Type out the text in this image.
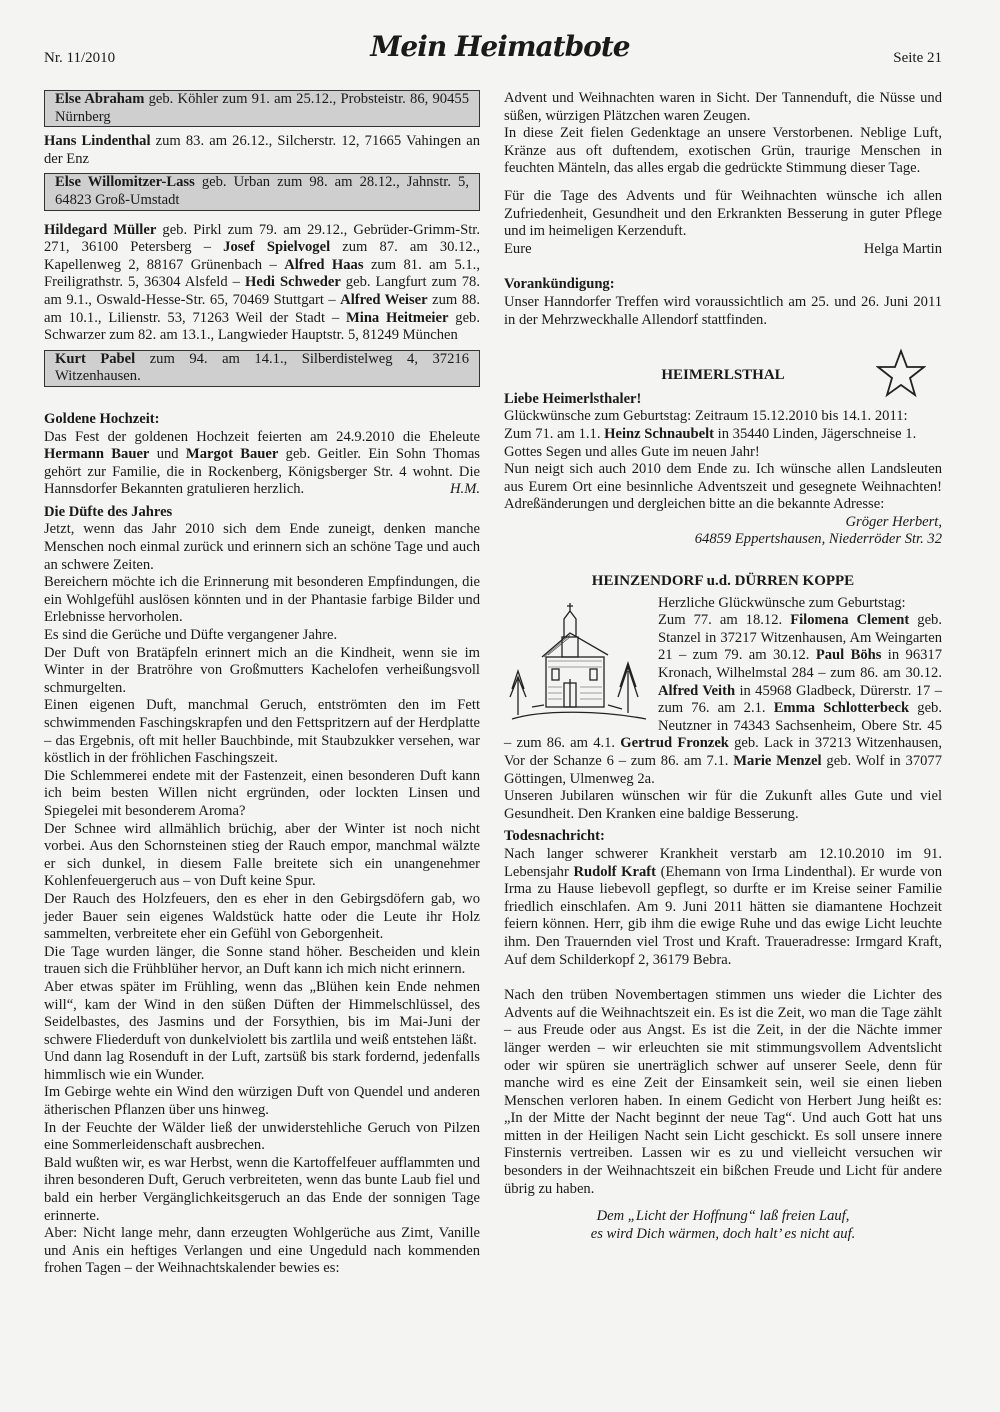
Nr. 11/2010	Mein Heimatbote	Seite 21

Else Abraham geb. Köhler zum 91. am 25.12., Probsteistr. 86, 90455 Nürnberg

Hans Lindenthal zum 83. am 26.12., Silcherstr. 12, 71665 Vahingen an der Enz

Else Willomitzer-Lass geb. Urban zum 98. am 28.12., Jahnstr. 5, 64823 Groß-Umstadt

Hildegard Müller geb. Pirkl zum 79. am 29.12., Gebrüder-Grimm-Str. 271, 36100 Petersberg – Josef Spielvogel zum 87. am 30.12., Kapellenweg 2, 88167 Grünenbach – Alfred Haas zum 81. am 5.1., Freiligrathstr. 5, 36304 Alsfeld – Hedi Schweder geb. Langfurt zum 78. am 9.1., Oswald-Hesse-Str. 65, 70469 Stuttgart – Alfred Weiser zum 88. am 10.1., Lilienstr. 53, 71263 Weil der Stadt – Mina Heitmeier geb. Schwarzer zum 82. am 13.1., Langwieder Hauptstr. 5, 81249 München

Kurt Pabel zum 94. am 14.1., Silberdistelweg 4, 37216 Witzenhausen.

Goldene Hochzeit:

Das Fest der goldenen Hochzeit feierten am 24.9.2010 die Eheleute Hermann Bauer und Margot Bauer geb. Geitler. Ein Sohn Thomas gehört zur Familie, die in Rockenberg, Königsberger Str. 4 wohnt. Die Hannsdorfer Bekannten gratulieren herzlich.	H.M.

Die Düfte des Jahres

Jetzt, wenn das Jahr 2010 sich dem Ende zuneigt, denken manche Menschen noch einmal zurück und erinnern sich an schöne Tage und auch an schwere Zeiten.

Bereichern möchte ich die Erinnerung mit besonderen Empfindungen, die ein Wohlgefühl auslösen könnten und in der Phantasie farbige Bilder und Erlebnisse hervorholen.

Es sind die Gerüche und Düfte vergangener Jahre.

Der Duft von Bratäpfeln erinnert mich an die Kindheit, wenn sie im Winter in der Bratröhre von Großmutters Kachelofen verheißungsvoll schmurgelten.

Einen eigenen Duft, manchmal Geruch, entströmten den im Fett schwimmenden Faschingskrapfen und den Fettspritzern auf der Herdplatte – das Ergebnis, oft mit heller Bauchbinde, mit Staubzukker versehen, war köstlich in der fröhlichen Faschingszeit.

Die Schlemmerei endete mit der Fastenzeit, einen besonderen Duft kann ich beim besten Willen nicht ergründen, oder lockten Linsen und Spiegelei mit besonderem Aroma?

Der Schnee wird allmählich brüchig, aber der Winter ist noch nicht vorbei. Aus den Schornsteinen stieg der Rauch empor, manchmal wälzte er sich dunkel, in diesem Falle breitete sich ein unangenehmer Kohlenfeuergeruch aus – von Duft keine Spur.

Der Rauch des Holzfeuers, den es eher in den Gebirgsdöfern gab, wo jeder Bauer sein eigenes Waldstück hatte oder die Leute ihr Holz sammelten, verbreitete eher ein Gefühl von Geborgenheit.

Die Tage wurden länger, die Sonne stand höher. Bescheiden und klein trauen sich die Frühblüher hervor, an Duft kann ich mich nicht erinnern.

Aber etwas später im Frühling, wenn das „Blühen kein Ende nehmen will“, kam der Wind in den süßen Düften der Himmelschlüssel, des Seidelbastes, des Jasmins und der Forsythien, bis im Mai-Juni der schwere Fliederduft von dunkelviolett bis zartlila und weiß entstehen läßt.

Und dann lag Rosenduft in der Luft, zartsüß bis stark fordernd, jedenfalls himmlisch wie ein Wunder.

Im Gebirge wehte ein Wind den würzigen Duft von Quendel und anderen ätherischen Pflanzen über uns hinweg.

In der Feuchte der Wälder ließ der unwiderstehliche Geruch von Pilzen eine Sommerleidenschaft ausbrechen.

Bald wußten wir, es war Herbst, wenn die Kartoffelfeuer aufflammten und ihren besonderen Duft, Geruch verbreiteten, wenn das bunte Laub fiel und bald ein herber Vergänglichkeitsgeruch an das Ende der sonnigen Tage erinnerte.

Aber: Nicht lange mehr, dann erzeugten Wohlgerüche aus Zimt, Vanille und Anis ein heftiges Verlangen und eine Ungeduld nach kommenden frohen Tagen – der Weihnachtskalender bewies es:

Advent und Weihnachten waren in Sicht. Der Tannenduft, die Nüsse und süßen, würzigen Plätzchen waren Zeugen.

In diese Zeit fielen Gedenktage an unsere Verstorbenen. Neblige Luft, Kränze aus oft duftendem, exotischen Grün, traurige Menschen in feuchten Mänteln, das alles ergab die gedrückte Stimmung dieser Tage.

Für die Tage des Advents und für Weihnachten wünsche ich allen Zufriedenheit, Gesundheit und den Erkrankten Besserung in guter Pflege und im heimeligen Kerzenduft.

Eure	Helga Martin
Vorankündigung:

Unser Hanndorfer Treffen wird voraussichtlich am 25. und 26. Juni 2011 in der Mehrzweckhalle Allendorf stattfinden.

HEIMERLSTHAL
Liebe Heimerlsthaler!

Glückwünsche zum Geburtstag: Zeitraum 15.12.2010 bis 14.1. 2011:

Zum 71. am 1.1. Heinz Schnaubelt in 35440 Linden, Jägerschneise 1.

Gottes Segen und alles Gute im neuen Jahr!

Nun neigt sich auch 2010 dem Ende zu. Ich wünsche allen Landsleuten aus Eurem Ort eine besinnliche Adventszeit und gesegnete Weihnachten! Adreßänderungen und dergleichen bitte an die bekannte Adresse:

Gröger Herbert,

64859 Eppertshausen, Niederröder Str. 32

HEINZENDORF u.d. DÜRREN KOPPE

Herzliche Glückwünsche zum Geburtstag:

Zum 77. am 18.12. Filomena Clement geb. Stanzel in 37217 Witzenhausen, Am Weingarten 21 – zum 79. am 30.12. Paul Böhs in 96317 Kronach, Wilhelmstal 284 – zum 86. am 30.12. Alfred Veith in 45968 Gladbeck, Dürerstr. 17 – zum 76. am 2.1. Emma Schlotterbeck geb. Neutzner in 74343 Sachsenheim, Obere Str. 45 – zum 86. am 4.1. Gertrud Fronzek geb. Lack in 37213 Witzenhausen, Vor der Schanze 6 – zum 86. am 7.1. Marie Menzel geb. Wolf in 37077 Göttingen, Ulmenweg 2a.

Unseren Jubilaren wünschen wir für die Zukunft alles Gute und viel Gesundheit. Den Kranken eine baldige Besserung.

Todesnachricht:

Nach langer schwerer Krankheit verstarb am 12.10.2010 im 91. Lebensjahr Rudolf Kraft (Ehemann von Irma Lindenthal). Er wurde von Irma zu Hause liebevoll gepflegt, so durfte er im Kreise seiner Familie friedlich einschlafen. Am 9. Juni 2011 hätten sie diamantene Hochzeit feiern können. Herr, gib ihm die ewige Ruhe und das ewige Licht leuchte ihm. Den Trauernden viel Trost und Kraft. Traueradresse: Irmgard Kraft, Auf dem Schilderkopf 2, 36179 Bebra.

Nach den trüben Novembertagen stimmen uns wieder die Lichter des Advents auf die Weihnachtszeit ein. Es ist die Zeit, wo man die Tage zählt – aus Freude oder aus Angst. Es ist die Zeit, in der die Nächte immer länger werden – wir erleuchten sie mit stimmungsvollem Adventslicht oder wir spüren sie unerträglich schwer auf unserer Seele, denn für manche wird es eine Zeit der Einsamkeit sein, weil sie einen lieben Menschen verloren haben. In einem Gedicht von Herbert Jung heißt es: „In der Mitte der Nacht beginnt der neue Tag“. Und auch Gott hat uns mitten in der Heiligen Nacht sein Licht geschickt. Es soll unsere innere Finsternis vertreiben. Lassen wir es zu und vielleicht versuchen wir besonders in der Weihnachtszeit ein bißchen Freude und Licht für andere übrig zu haben.

Dem „Licht der Hoffnung“ laß freien Lauf,

es wird Dich wärmen, doch halt’ es nicht auf.
